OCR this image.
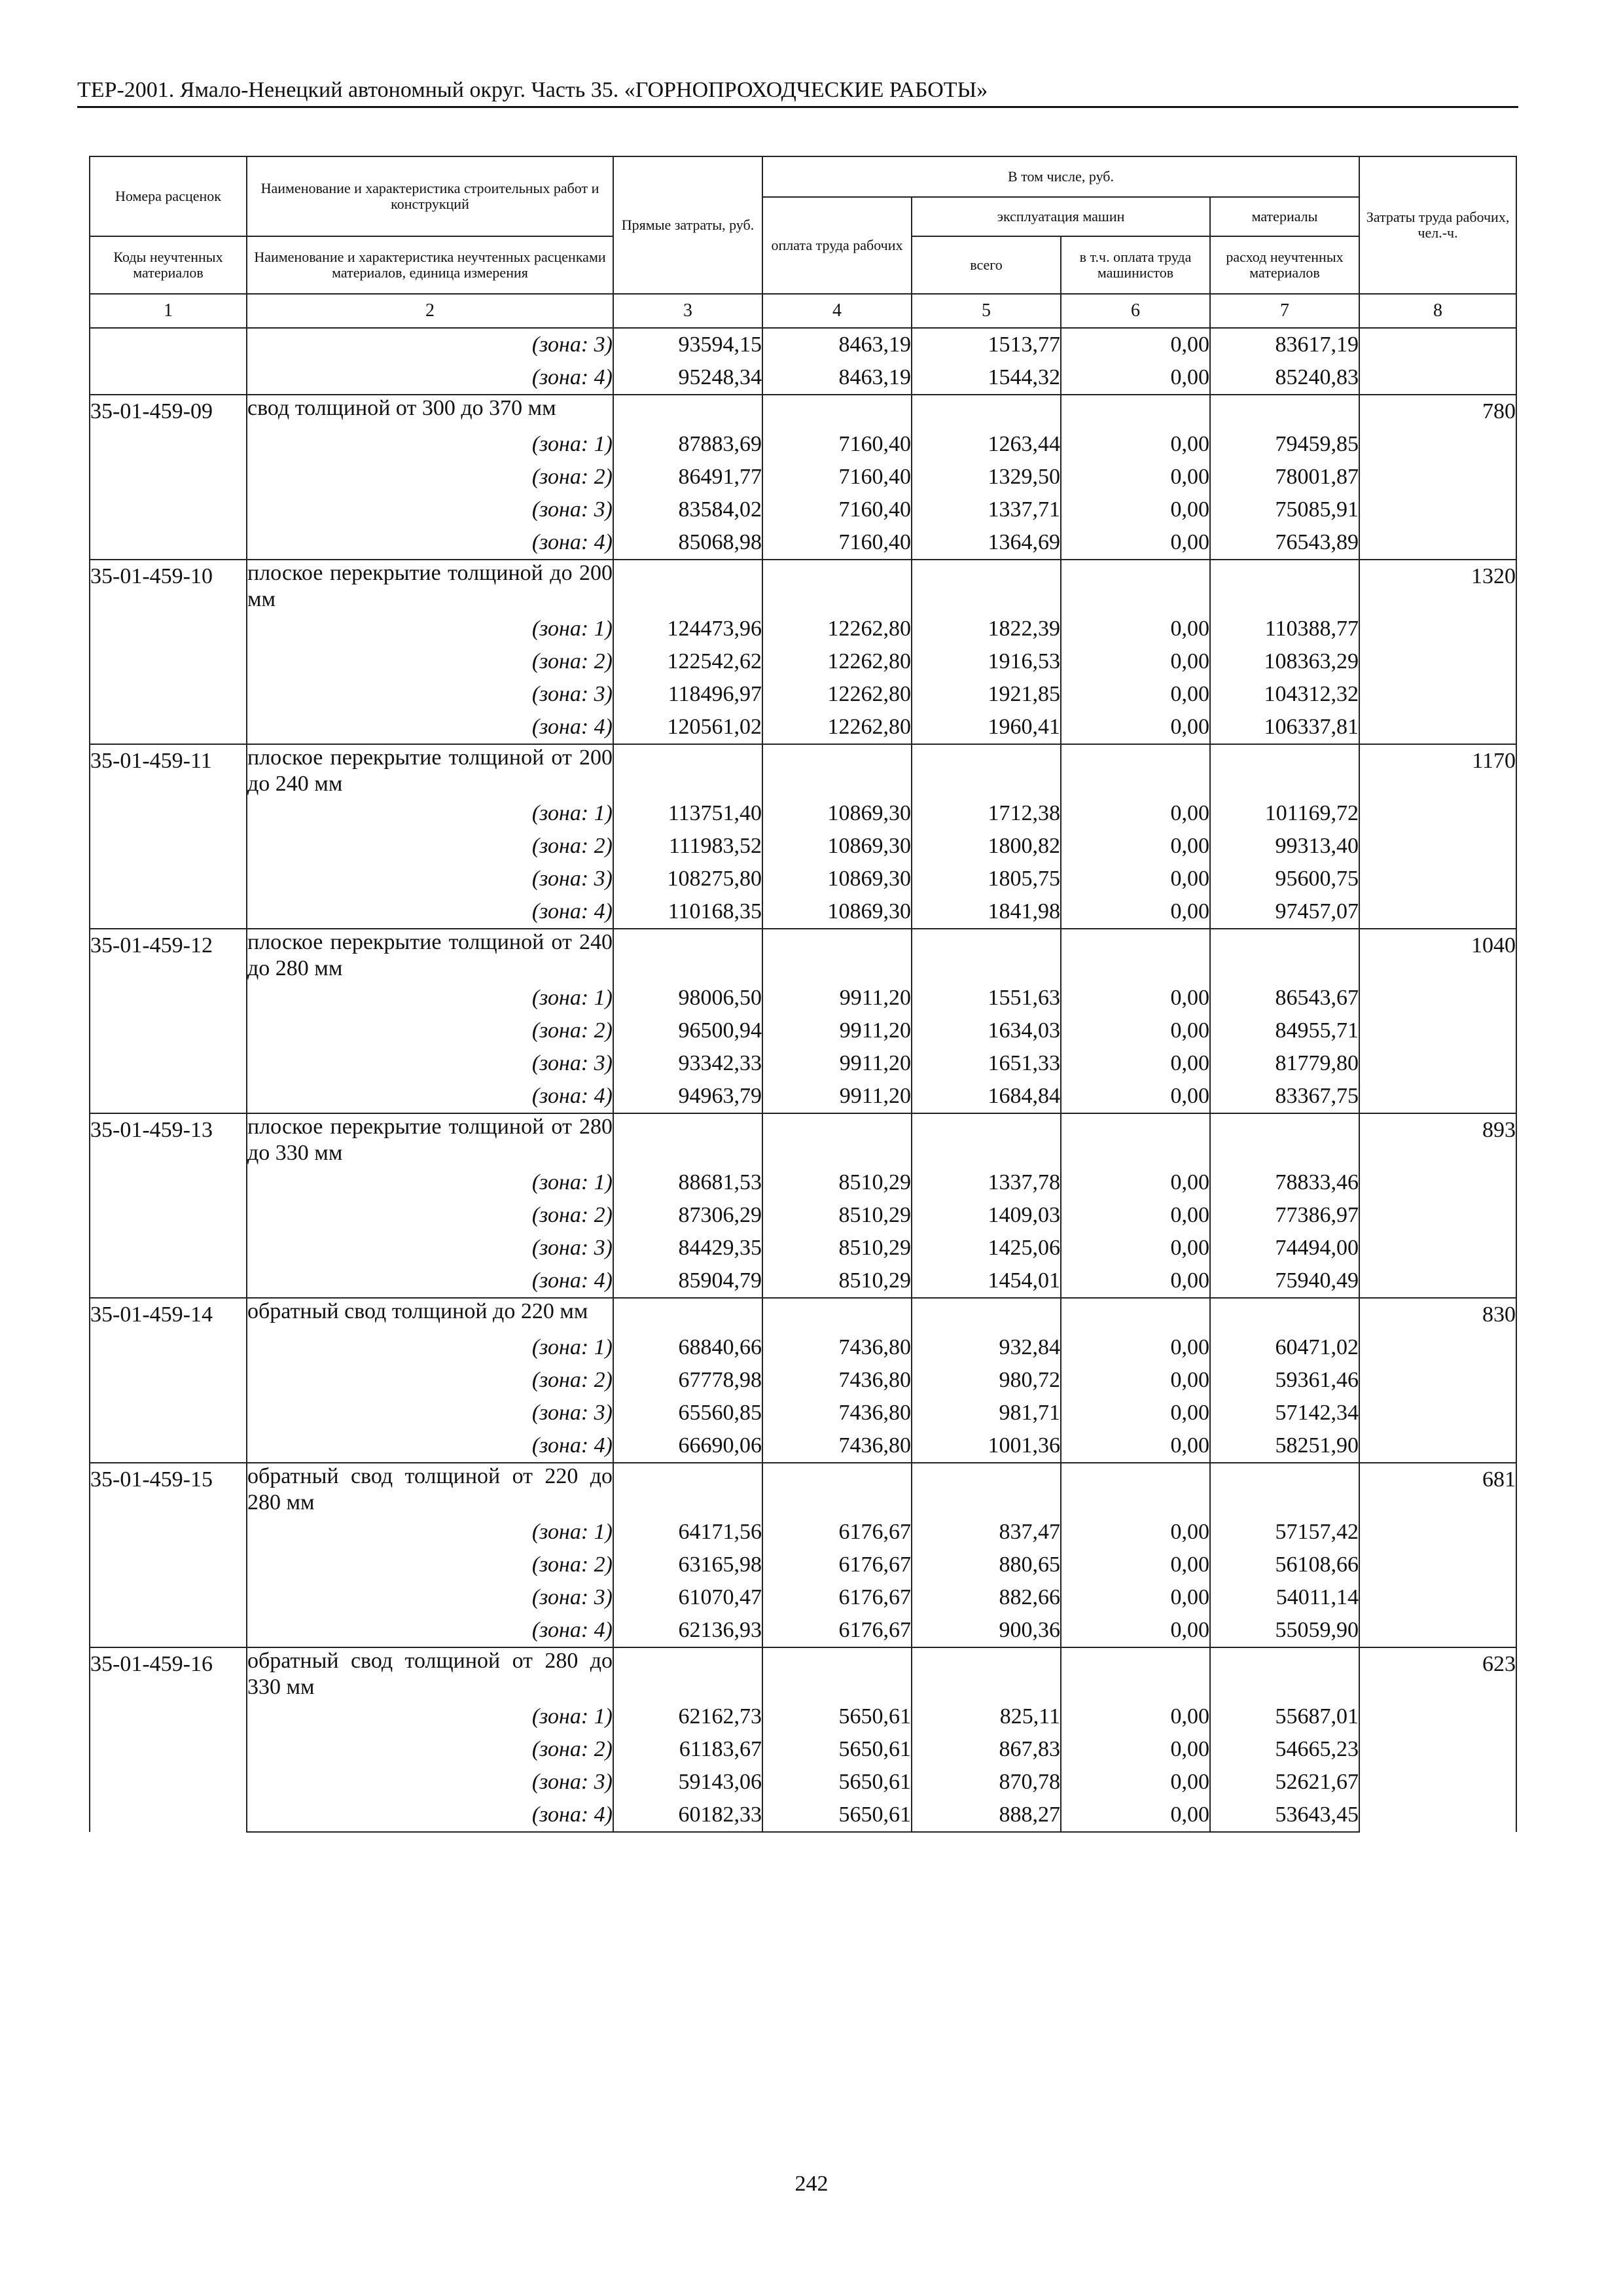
ТЕР-2001. Ямало-Ненецкий автономный округ. Часть 35. «ГОРНОПРОХОДЧЕСКИЕ РАБОТЫ»
Номера расценок	Наименование и характеристика строительных работ и конструкций	Прямые затраты, руб.	В том числе, руб.				Затраты труда рабочих, чел.-ч.
			оплата труда рабочих	эксплуатация машин		материалы	
Коды неучтенных материалов	Наименование и характеристика неучтенных расценками материалов, единица измерения			всего	в т.ч. оплата труда машинистов	расход неучтенных материалов	
1	2	3	4	5	6	7	8
	(зона: 3)	93594,15	8463,19	1513,77	0,00	83617,19	
	(зона: 4)	95248,34	8463,19	1544,32	0,00	85240,83	
35-01-459-09	свод толщиной от 300 до 370 мм						780
	(зона: 1)	87883,69	7160,40	1263,44	0,00	79459,85	
	(зона: 2)	86491,77	7160,40	1329,50	0,00	78001,87	
	(зона: 3)	83584,02	7160,40	1337,71	0,00	75085,91	
	(зона: 4)	85068,98	7160,40	1364,69	0,00	76543,89	
35-01-459-10	плоское перекрытие толщиной до 200 мм						1320
	(зона: 1)	124473,96	12262,80	1822,39	0,00	110388,77	
	(зона: 2)	122542,62	12262,80	1916,53	0,00	108363,29	
	(зона: 3)	118496,97	12262,80	1921,85	0,00	104312,32	
	(зона: 4)	120561,02	12262,80	1960,41	0,00	106337,81	
35-01-459-11	плоское перекрытие толщиной от 200 до 240 мм						1170
	(зона: 1)	113751,40	10869,30	1712,38	0,00	101169,72	
	(зона: 2)	111983,52	10869,30	1800,82	0,00	99313,40	
	(зона: 3)	108275,80	10869,30	1805,75	0,00	95600,75	
	(зона: 4)	110168,35	10869,30	1841,98	0,00	97457,07	
35-01-459-12	плоское перекрытие толщиной от 240 до 280 мм						1040
	(зона: 1)	98006,50	9911,20	1551,63	0,00	86543,67	
	(зона: 2)	96500,94	9911,20	1634,03	0,00	84955,71	
	(зона: 3)	93342,33	9911,20	1651,33	0,00	81779,80	
	(зона: 4)	94963,79	9911,20	1684,84	0,00	83367,75	
35-01-459-13	плоское перекрытие толщиной от 280 до 330 мм						893
	(зона: 1)	88681,53	8510,29	1337,78	0,00	78833,46	
	(зона: 2)	87306,29	8510,29	1409,03	0,00	77386,97	
	(зона: 3)	84429,35	8510,29	1425,06	0,00	74494,00	
	(зона: 4)	85904,79	8510,29	1454,01	0,00	75940,49	
35-01-459-14	обратный свод толщиной до 220 мм						830
	(зона: 1)	68840,66	7436,80	932,84	0,00	60471,02	
	(зона: 2)	67778,98	7436,80	980,72	0,00	59361,46	
	(зона: 3)	65560,85	7436,80	981,71	0,00	57142,34	
	(зона: 4)	66690,06	7436,80	1001,36	0,00	58251,90	
35-01-459-15	обратный свод толщиной от 220 до 280 мм						681
	(зона: 1)	64171,56	6176,67	837,47	0,00	57157,42	
	(зона: 2)	63165,98	6176,67	880,65	0,00	56108,66	
	(зона: 3)	61070,47	6176,67	882,66	0,00	54011,14	
	(зона: 4)	62136,93	6176,67	900,36	0,00	55059,90	
35-01-459-16	обратный свод толщиной от 280 до 330 мм						623
	(зона: 1)	62162,73	5650,61	825,11	0,00	55687,01	
	(зона: 2)	61183,67	5650,61	867,83	0,00	54665,23	
	(зона: 3)	59143,06	5650,61	870,78	0,00	52621,67	
	(зона: 4)	60182,33	5650,61	888,27	0,00	53643,45	
242
